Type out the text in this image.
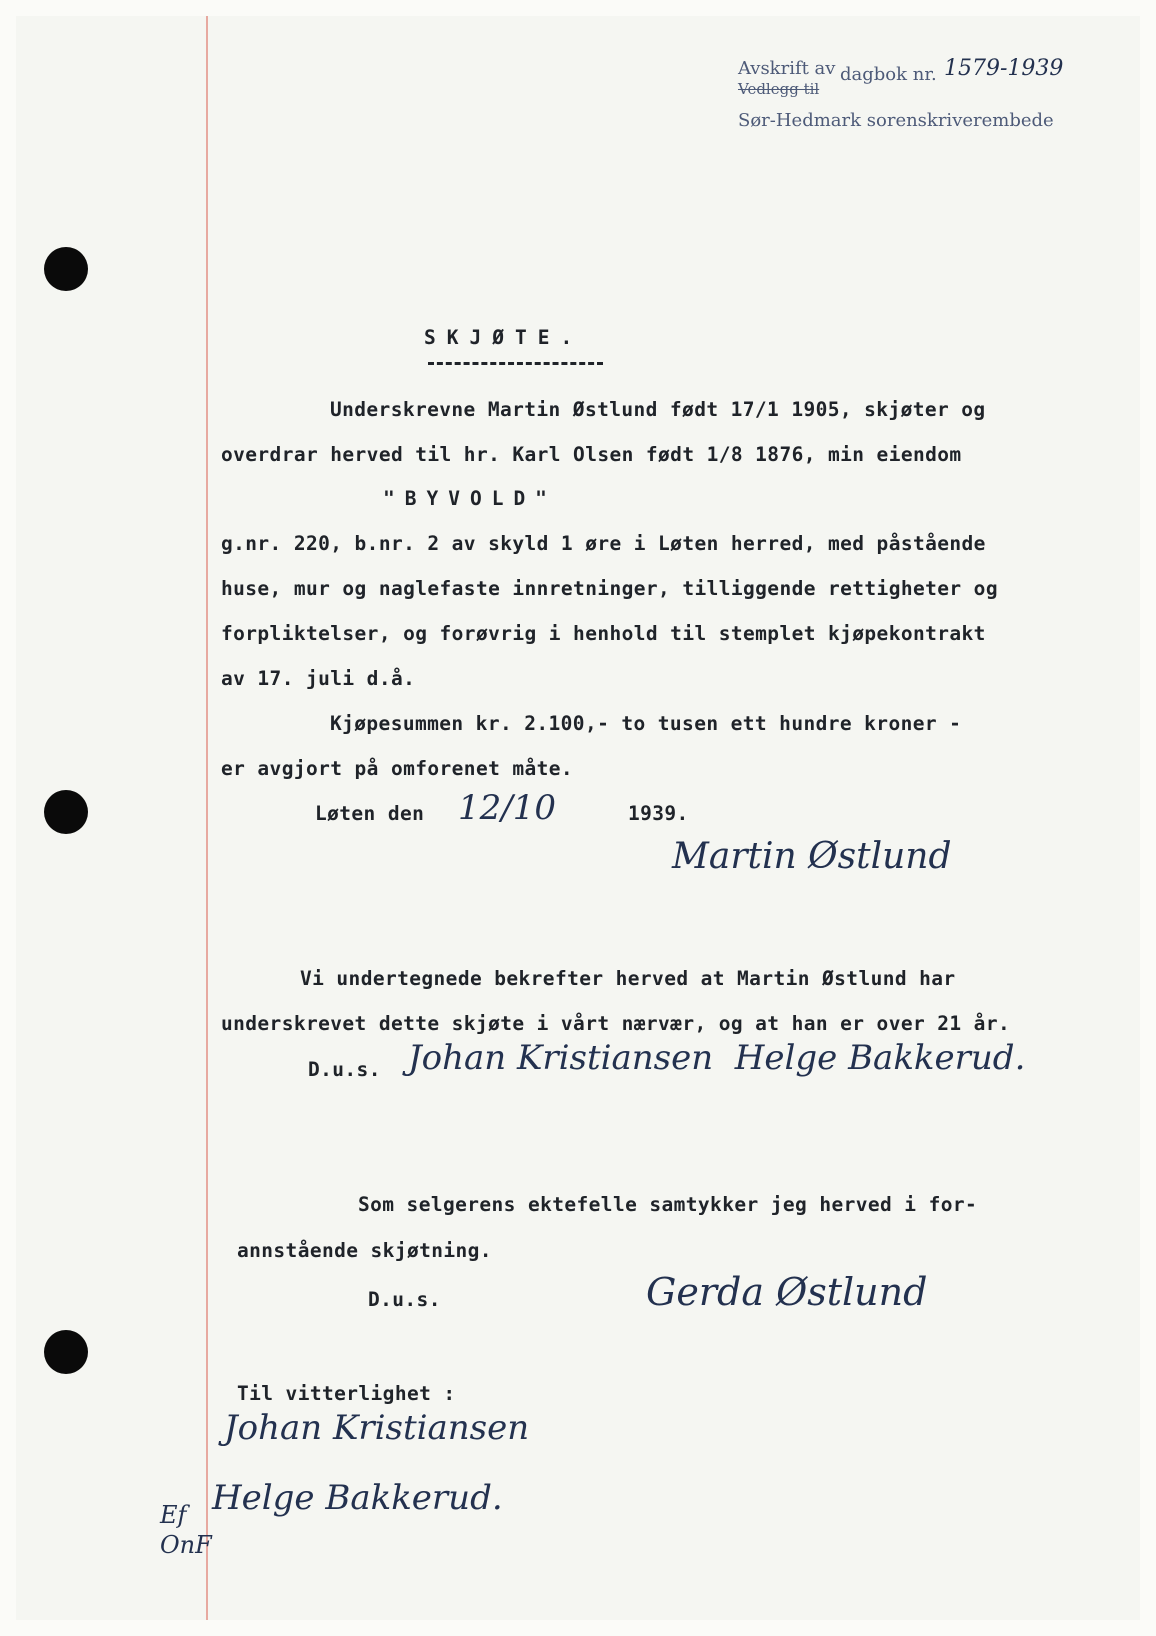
Avskrift av
Vedlegg til
dagbok nr. 1579-1939
Sør-Hedmark sorenskriverembede
SKJØTE.
Underskrevne Martin Østlund født 17/1 1905, skjøter og
overdrar herved til hr. Karl Olsen født 1/8 1876, min eiendom
"BYVOLD"
g.nr. 220, b.nr. 2 av skyld 1 øre i Løten herred, med påstående
huse, mur og naglefaste innretninger, tilliggende rettigheter og
forpliktelser, og forøvrig i henhold til stemplet kjøpekontrakt
av 17. juli d.å.
Kjøpesummen kr. 2.100,- to tusen ett hundre kroner -
er avgjort på omforenet måte.
Løten den 12/10	1939.
Martin Østlund
Vi undertegnede bekrefter herved at Martin Østlund har
underskrevet dette skjøte i vårt nærvær, og at han er over 21 år.
D.u.s. Johan Kristiansen  Helge Bakkerud.
Som selgerens ektefelle samtykker jeg herved i for-
annstående skjøtning.
D.u.s.	Gerda Østlund
Til vitterlighet :
Johan Kristiansen
Helge Bakkerud.
Ef
OnF
